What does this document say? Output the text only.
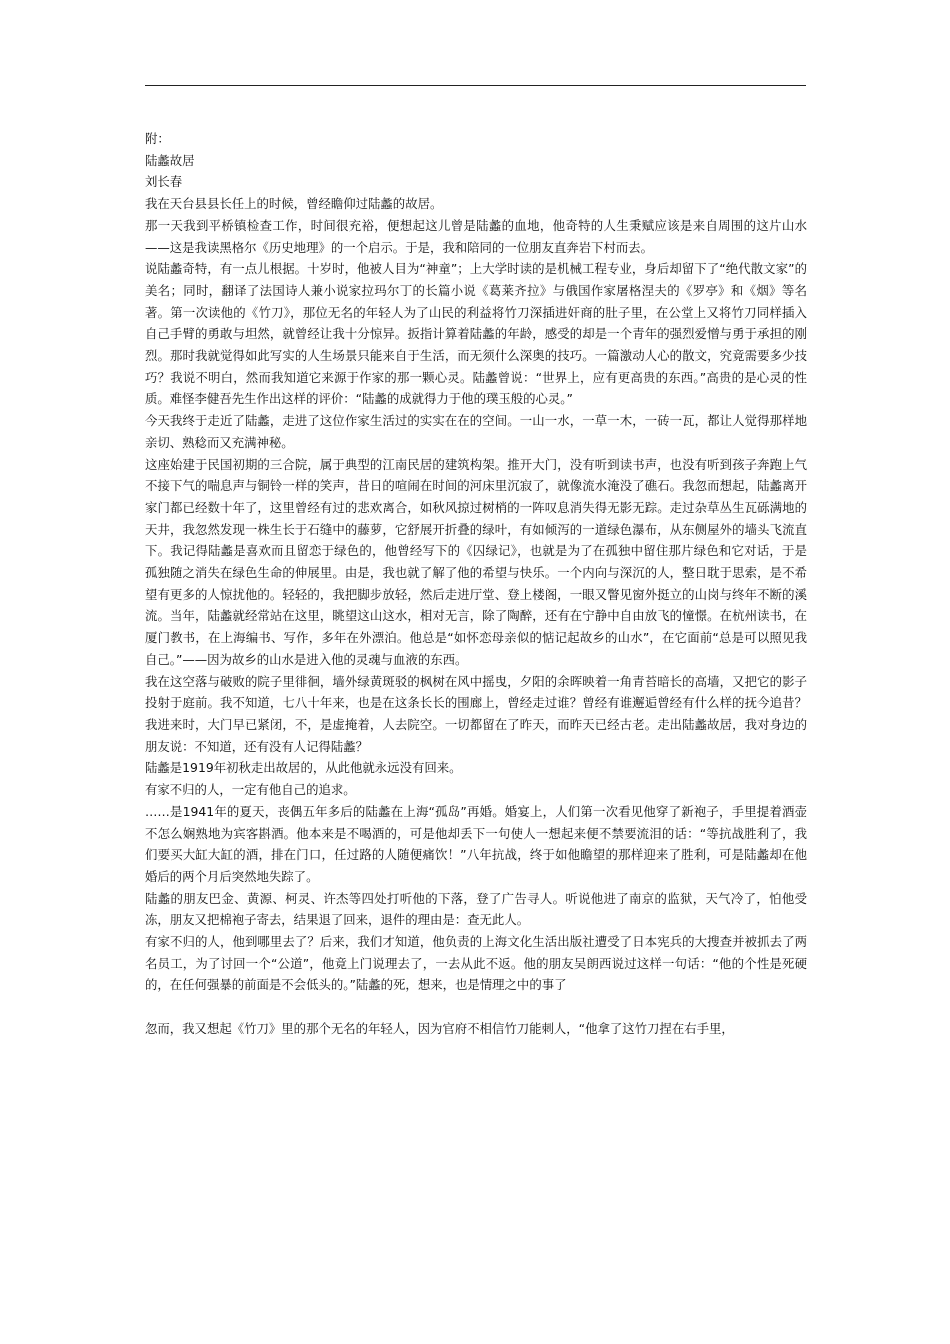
附：

陆蠡故居

刘长春

我在天台县县长任上的时候，曾经瞻仰过陆蠡的故居。

那一天我到平桥镇检查工作，时间很充裕，便想起这儿曾是陆蠡的血地，他奇特的人生秉赋应该是来自周围的这片山水——这是我读黑格尔《历史地理》的一个启示。于是，我和陪同的一位朋友直奔岩下村而去。

说陆蠡奇特，有一点儿根据。十岁时，他被人目为“神童”；上大学时读的是机械工程专业，身后却留下了“绝代散文家”的美名；同时，翻译了法国诗人兼小说家拉玛尔丁的长篇小说《葛莱齐拉》与俄国作家屠格涅夫的《罗亭》和《烟》等名著。第一次读他的《竹刀》，那位无名的年轻人为了山民的利益将竹刀深插进奸商的肚子里，在公堂上又将竹刀同样插入自己手臂的勇敢与坦然，就曾经让我十分惊异。扳指计算着陆蠡的年龄，感受的却是一个青年的强烈爱憎与勇于承担的刚烈。那时我就觉得如此写实的人生场景只能来自于生活，而无须什么深奥的技巧。一篇激动人心的散文，究竟需要多少技巧？我说不明白，然而我知道它来源于作家的那一颗心灵。陆蠡曾说：“世界上，应有更高贵的东西。”高贵的是心灵的性质。难怪李健吾先生作出这样的评价：“陆蠡的成就得力于他的璞玉般的心灵。”

今天我终于走近了陆蠡，走进了这位作家生活过的实实在在的空间。一山一水，一草一木，一砖一瓦，都让人觉得那样地亲切、熟稔而又充满神秘。

这座始建于民国初期的三合院，属于典型的江南民居的建筑构架。推开大门，没有听到读书声，也没有听到孩子奔跑上气不接下气的喘息声与铜铃一样的笑声，昔日的喧闹在时间的河床里沉寂了，就像流水淹没了礁石。我忽而想起，陆蠡离开家门都已经数十年了，这里曾经有过的悲欢离合，如秋风掠过树梢的一阵叹息消失得无影无踪。走过杂草丛生瓦砾满地的天井，我忽然发现一株生长于石缝中的藤萝，它舒展开折叠的绿叶，有如倾泻的一道绿色瀑布，从东侧屋外的墙头飞流直下。我记得陆蠡是喜欢而且留恋于绿色的，他曾经写下的《囚绿记》，也就是为了在孤独中留住那片绿色和它对话，于是孤独随之消失在绿色生命的伸展里。由是，我也就了解了他的希望与快乐。一个内向与深沉的人，整日耽于思索，是不希望有更多的人惊扰他的。轻轻的，我把脚步放轻，然后走进厅堂、登上楼阁，一眼又瞥见窗外挺立的山岗与终年不断的溪流。当年，陆蠡就经常站在这里，眺望这山这水，相对无言，除了陶醉，还有在宁静中自由放飞的憧憬。在杭州读书，在厦门教书，在上海编书、写作，多年在外漂泊。他总是“如怀恋母亲似的惦记起故乡的山水”，在它面前“总是可以照见我自己。”——因为故乡的山水是进入他的灵魂与血液的东西。

我在这空落与破败的院子里徘徊，墙外绿黄斑驳的枫树在风中摇曳，夕阳的余晖映着一角青苔暗长的高墙，又把它的影子投射于庭前。我不知道，七八十年来，也是在这条长长的围廊上，曾经走过谁？曾经有谁邂逅曾经有什么样的抚今追昔？我进来时，大门早已紧闭，不，是虚掩着，人去院空。一切都留在了昨天，而昨天已经古老。走出陆蠡故居，我对身边的朋友说：不知道，还有没有人记得陆蠡？

陆蠡是1919年初秋走出故居的，从此他就永远没有回来。

有家不归的人，一定有他自己的追求。

……是1941年的夏天，丧偶五年多后的陆蠡在上海“孤岛”再婚。婚宴上，人们第一次看见他穿了新袍子，手里提着酒壶不怎么娴熟地为宾客斟酒。他本来是不喝酒的，可是他却丢下一句使人一想起来便不禁要流泪的话：“等抗战胜利了，我们要买大缸大缸的酒，排在门口，任过路的人随便痛饮！”八年抗战，终于如他瞻望的那样迎来了胜利，可是陆蠡却在他婚后的两个月后突然地失踪了。

陆蠡的朋友巴金、黄源、柯灵、许杰等四处打听他的下落，登了广告寻人。听说他进了南京的监狱，天气冷了，怕他受冻，朋友又把棉袍子寄去，结果退了回来，退件的理由是：查无此人。

有家不归的人，他到哪里去了？后来，我们才知道，他负责的上海文化生活出版社遭受了日本宪兵的大搜查并被抓去了两名员工，为了讨回一个“公道”，他竟上门说理去了，一去从此不返。他的朋友吴朗西说过这样一句话：“他的个性是死硬的，在任何强暴的前面是不会低头的。”陆蠡的死，想来，也是情理之中的事了

忽而，我又想起《竹刀》里的那个无名的年轻人，因为官府不相信竹刀能刺人，“他拿了这竹刀捏在右手里，
